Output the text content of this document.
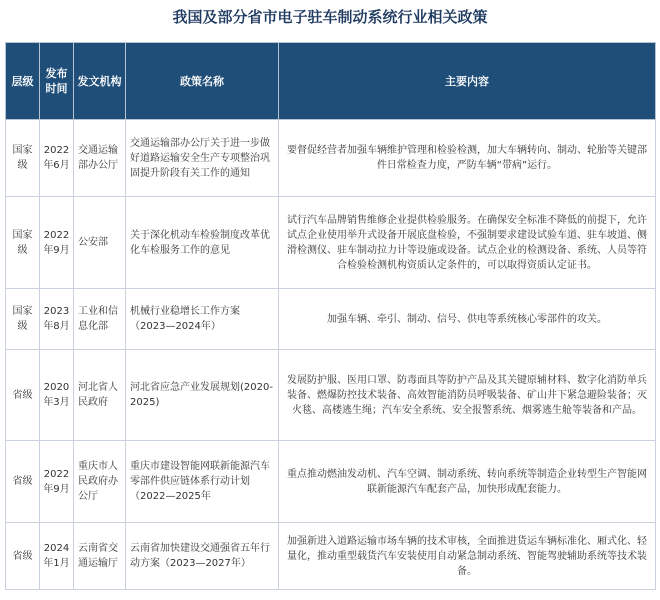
我国及部分省市电子驻车制动系统行业相关政策
层级	发布时间	发文机构	政策名称	主要内容
国家级	2022年6月	交通运输部办公厅	交通运输部办公厅关于进一步做好道路运输安全生产专项整治巩固提升阶段有关工作的通知	要督促经营者加强车辆维护管理和检验检测，加大车辆转向、制动、轮胎等关键部件日常检查力度，严防车辆“带病”运行。
国家级	2022年9月	公安部	关于深化机动车检验制度改革优化车检服务工作的意见	试行汽车品牌销售维修企业提供检验服务。在确保安全标准不降低的前提下，允许试点企业使用举升式设备开展底盘检验，不强制要求建设试验车道、驻车坡道、侧滑检测仪、驻车制动拉力计等设施或设备。试点企业的检测设备、系统、人员等符合检验检测机构资质认定条件的，可以取得资质认定证书。
国家级	2023年8月	工业和信息化部	机械行业稳增长工作方案（2023—2024年）	加强车辆、牵引、制动、信号、供电等系统核心零部件的攻关。
省级	2020年3月	河北省人民政府	河北省应急产业发展规划(2020-2025)	发展防护服、医用口罩、防毒面具等防护产品及其关键原辅材料、数字化消防单兵装备、燃爆防控技术装备、高效智能消防员呼吸装备、矿山井下紧急避险装备；灭火毯、高楼逃生绳；汽车安全系统、安全报警系统、烟雾逃生舱等装备和产品。
省级	2022年9月	重庆市人民政府办公厅	重庆市建设智能网联新能源汽车零部件供应链体系行动计划（2022—2025年	重点推动燃油发动机、汽车空调、制动系统、转向系统等制造企业转型生产智能网联新能源汽车配套产品，加快形成配套能力。
省级	2024年1月	云南省交通运输厅	云南省加快建设交通强省五年行动方案（2023—2027年）	加强新进入道路运输市场车辆的技术审核，全面推进货运车辆标准化、厢式化、轻量化，推动重型载货汽车安装使用自动紧急制动系统、智能驾驶辅助系统等技术装备。
